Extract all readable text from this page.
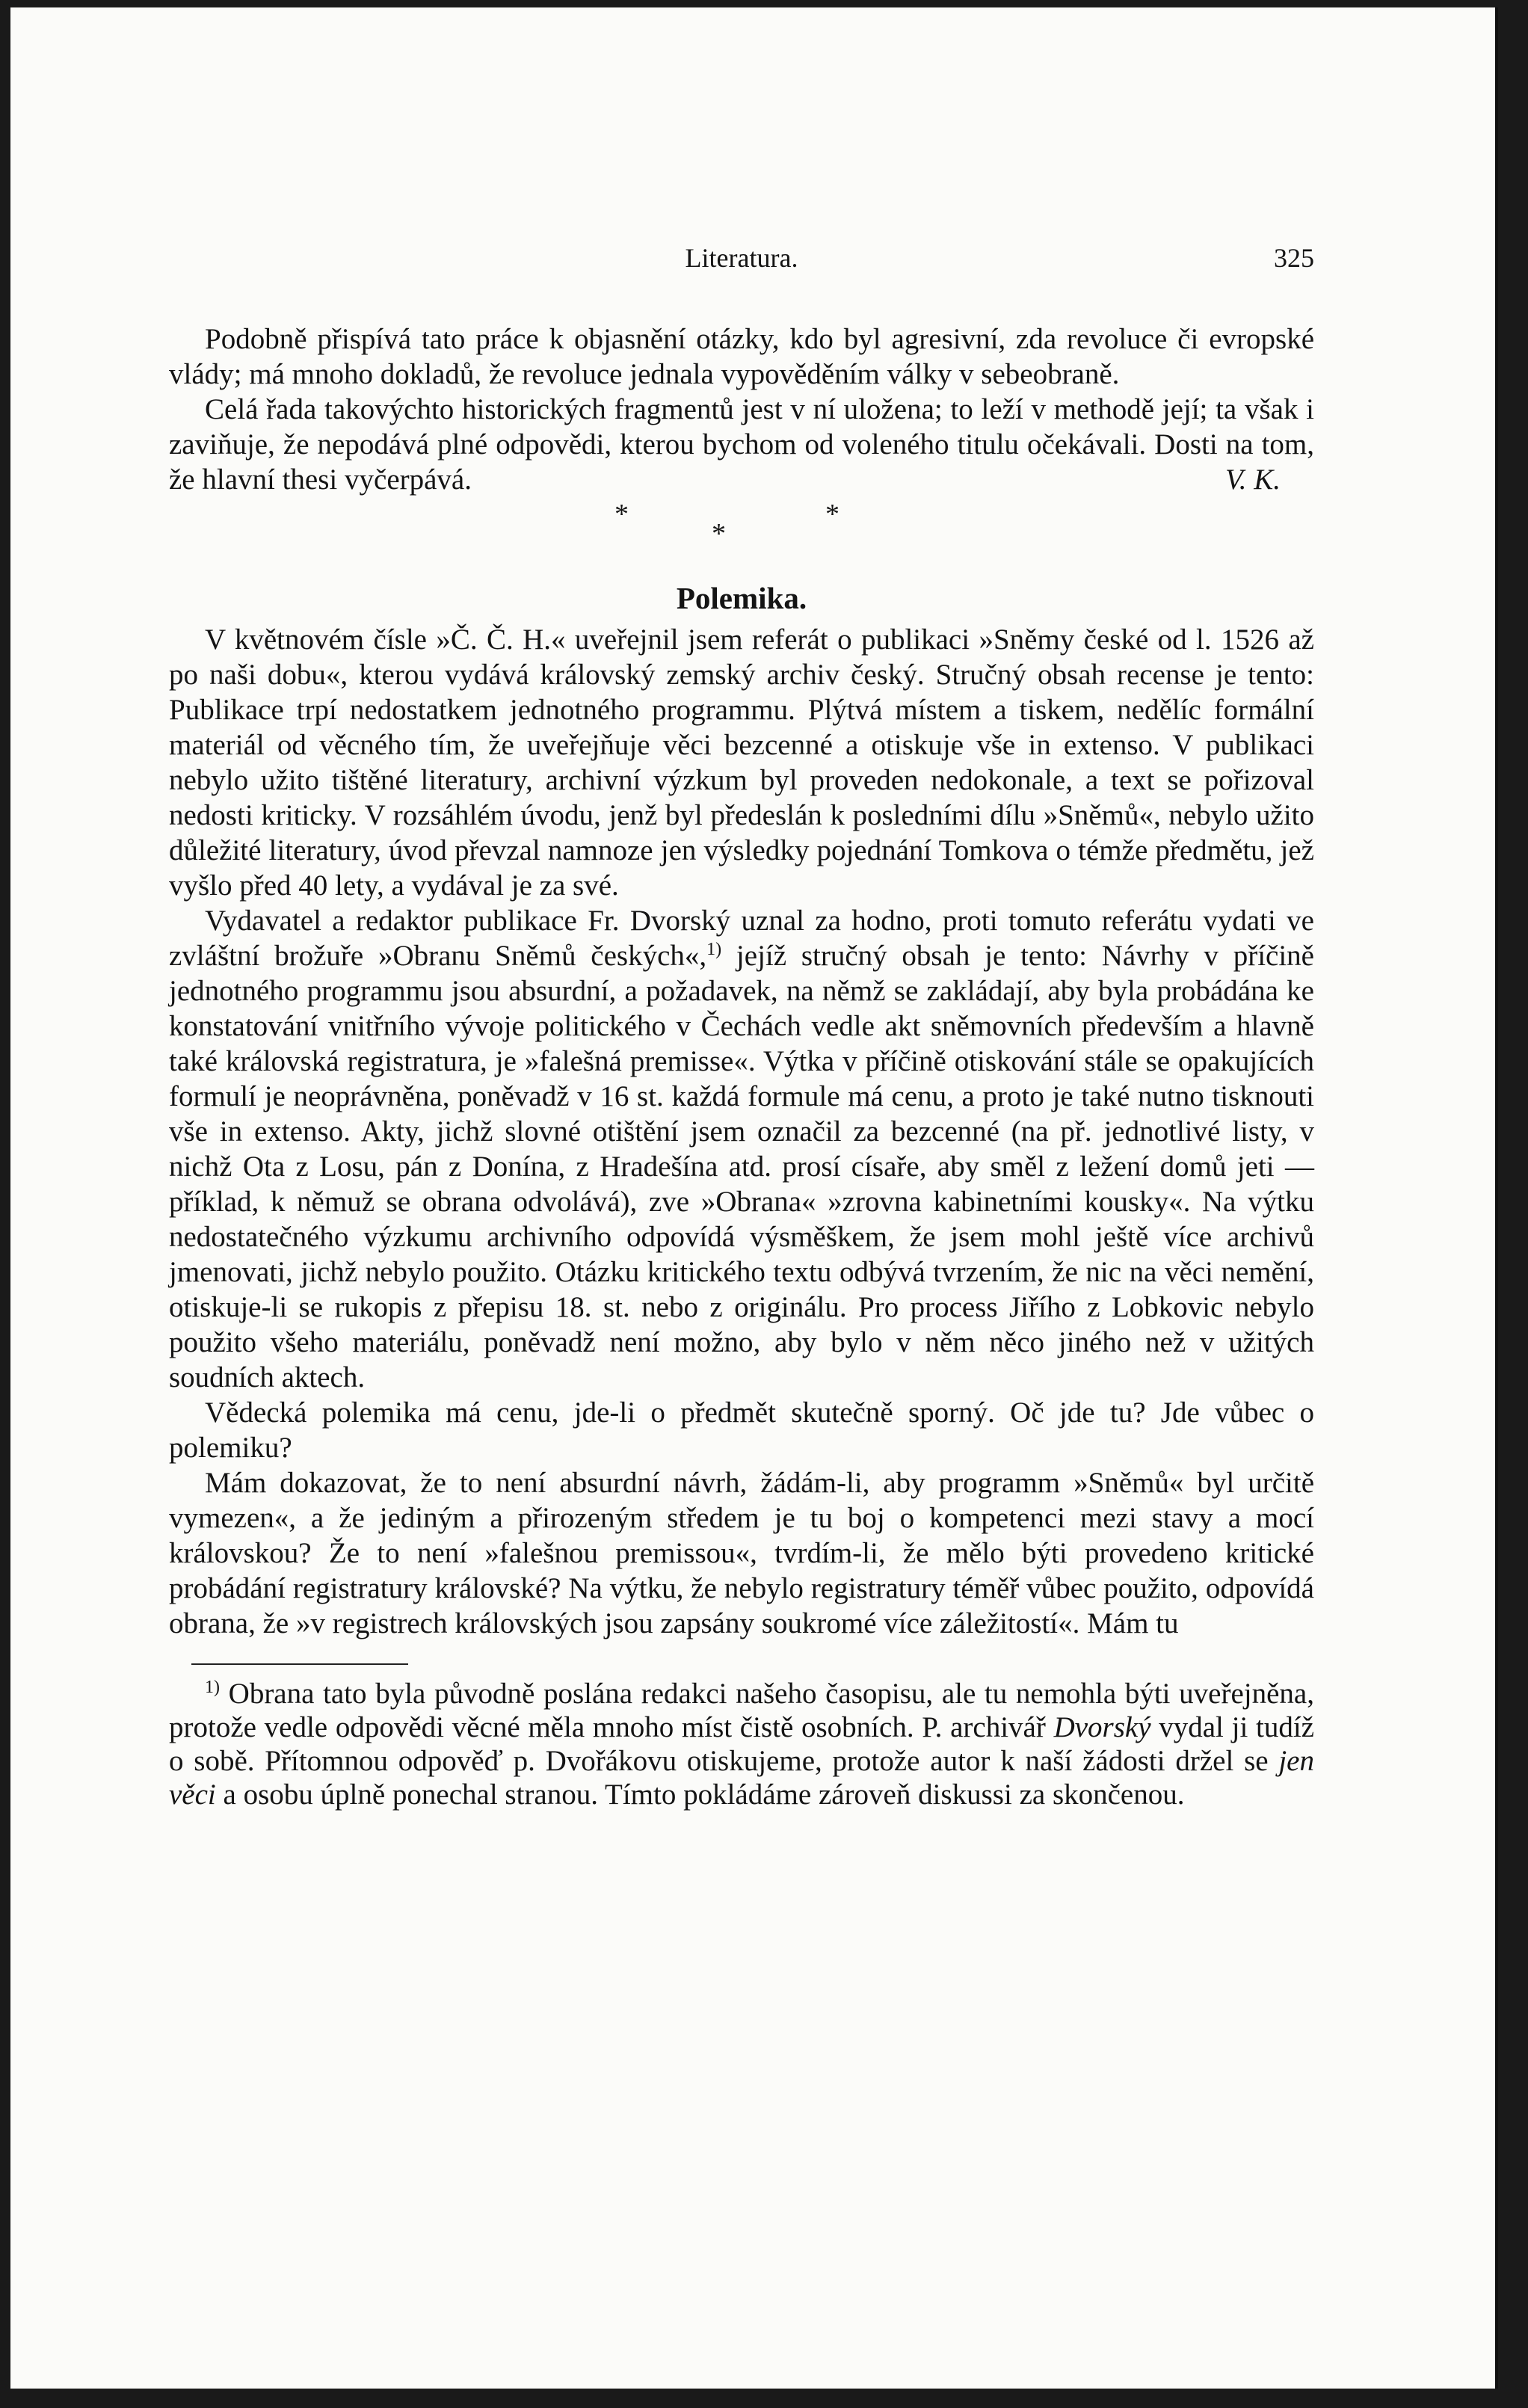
Literatura.	325

Podobně přispívá tato práce k objasnění otázky, kdo byl agresivní, zda revoluce či evropské vlády; má mnoho dokladů, že revoluce jednala vypověděním války v sebeobraně.

Celá řada takovýchto historických fragmentů jest v ní uložena; to leží v methodě její; ta však i zaviňuje, že nepodává plné odpovědi, kterou bychom od voleného titulu očekávali. Dosti na tom, že hlavní thesi vyčerpává.	V. K.

*
*
*
Polemika.

V květnovém čísle »Č. Č. H.« uveřejnil jsem referát o publikaci »Sněmy české od l. 1526 až po naši dobu«, kterou vydává královský zemský archiv český. Stručný obsah recense je tento: Publikace trpí nedostatkem jednotného programmu. Plýtvá místem a tiskem, nedělíc formální materiál od věcného tím, že uveřejňuje věci bezcenné a otiskuje vše in extenso. V publikaci nebylo užito tištěné literatury, archivní výzkum byl proveden nedokonale, a text se pořizoval nedosti kriticky. V rozsáhlém úvodu, jenž byl předeslán k posledními dílu »Sněmů«, nebylo užito důležité literatury, úvod převzal namnoze jen výsledky pojednání Tomkova o témže předmětu, jež vyšlo před 40 lety, a vydával je za své.

Vydavatel a redaktor publikace Fr. Dvorský uznal za hodno, proti tomuto referátu vydati ve zvláštní brožuře »Obranu Sněmů českých«,$^{1)}$ jejíž stručný obsah je tento: Návrhy v příčině jednotného programmu jsou absurdní, a požadavek, na němž se zakládají, aby byla probádána ke konstatování vnitřního vývoje politického v Čechách vedle akt sněmovních především a hlavně také královská registratura, je »falešná premisse«. Výtka v příčině otiskování stále se opakujících formulí je neoprávněna, poněvadž v 16 st. každá formule má cenu, a proto je také nutno tisknouti vše in extenso. Akty, jichž slovné otištění jsem označil za bezcenné (na př. jednotlivé listy, v nichž Ota z Losu, pán z Donína, z Hradešína atd. prosí císaře, aby směl z ležení domů jeti — příklad, k němuž se obrana odvolává), zve »Obrana« »zrovna kabinetními kousky«. Na výtku nedostatečného výzkumu archivního odpovídá výsměškem, že jsem mohl ještě více archivů jmenovati, jichž nebylo použito. Otázku kritického textu odbývá tvrzením, že nic na věci nemění, otiskuje-li se rukopis z přepisu 18. st. nebo z originálu. Pro process Jiřího z Lobkovic nebylo použito všeho materiálu, poněvadž není možno, aby bylo v něm něco jiného než v užitých soudních aktech.

Vědecká polemika má cenu, jde-li o předmět skutečně sporný. Oč jde tu? Jde vůbec o polemiku?

Mám dokazovat, že to není absurdní návrh, žádám-li, aby programm »Sněmů« byl určitě vymezen«, a že jediným a přirozeným středem je tu boj o kompetenci mezi stavy a mocí královskou? Že to není »falešnou premissou«, tvrdím-li, že mělo býti provedeno kritické probádání registratury královské? Na výtku, že nebylo registratury téměř vůbec použito, odpovídá obrana, že »v registrech královských jsou zapsány soukromé více záležitostí«. Mám tu

$^{1)}$ Obrana tato byla původně poslána redakci našeho časopisu, ale tu nemohla býti uveřejněna, protože vedle odpovědi věcné měla mnoho míst čistě osobních. P. archivář Dvorský vydal ji tudíž o sobě. Přítomnou odpověď p. Dvořákovu otiskujeme, protože autor k naší žádosti držel se jen věci a osobu úplně ponechal stranou. Tímto pokládáme zároveň diskussi za skončenou.
